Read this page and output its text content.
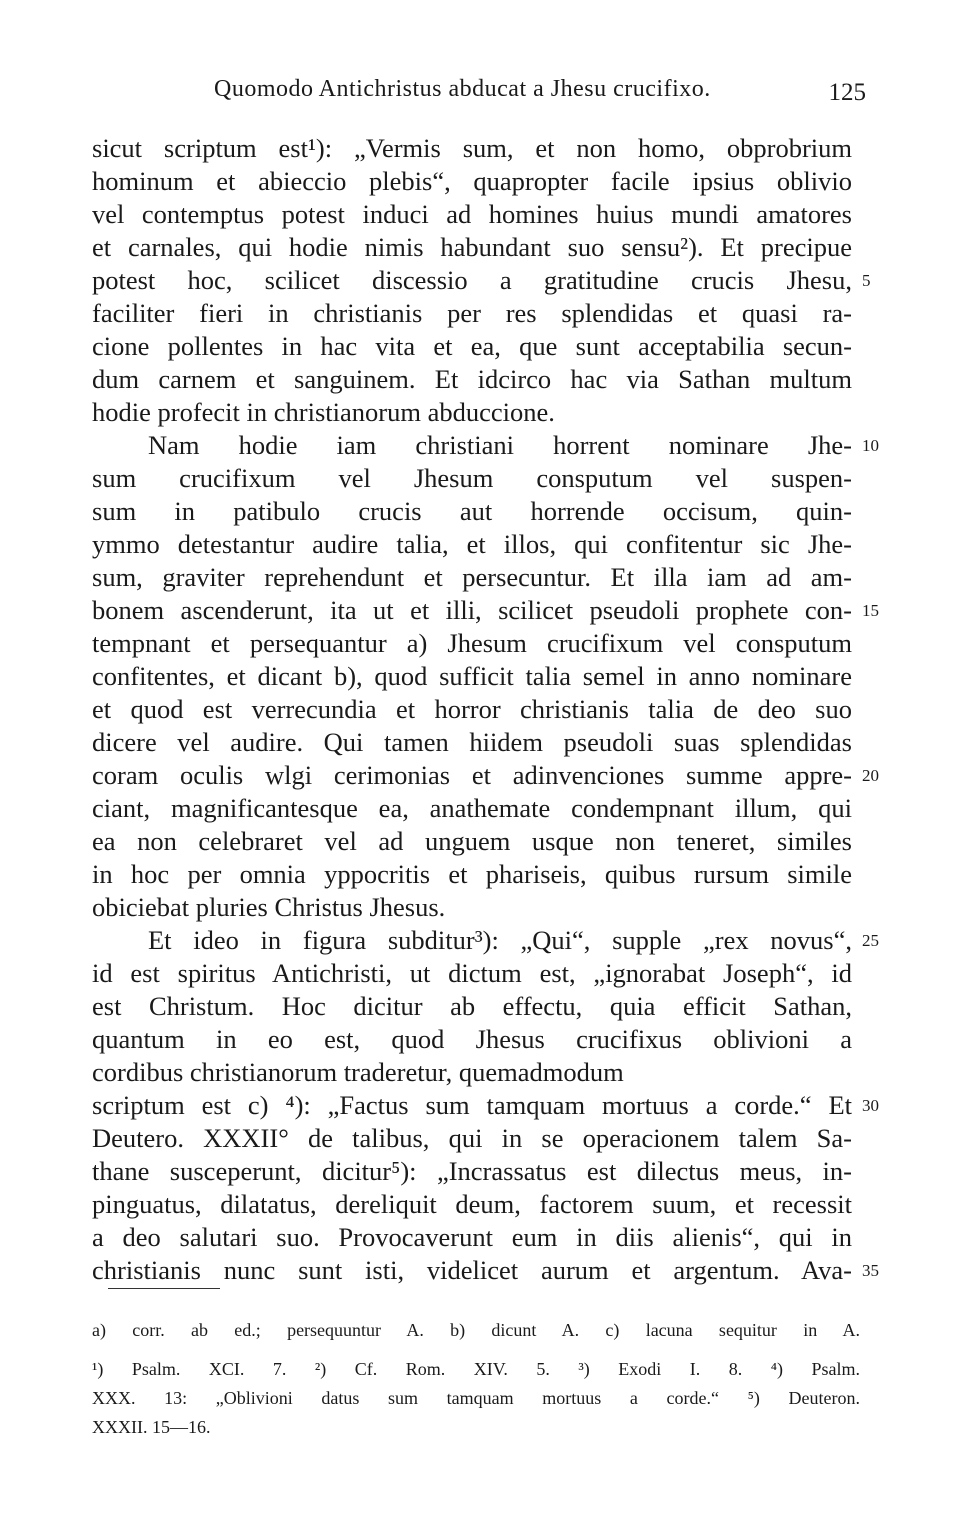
Quomodo Antichristus abducat a Jhesu crucifixo.	125
sicut scriptum est¹): „Vermis sum, et non homo, obprobrium
hominum et abieccio plebis“, quapropter facile ipsius oblivio
vel contemptus potest induci ad homines huius mundi amatores
et carnales, qui hodie nimis habundant suo sensu²). Et precipue
potest hoc, scilicet discessio a gratitudine crucis Jhesu, 5
faciliter fieri in christianis per res splendidas et quasi ra-
cione pollentes in hac vita et ea, que sunt acceptabilia secun-
dum carnem et sanguinem. Et idcirco hac via Sathan multum
hodie profecit in christianorum abduccione.
Nam hodie iam christiani horrent nominare Jhe- 10
sum crucifixum vel Jhesum consputum vel suspen-
sum in patibulo crucis aut horrende occisum, quin-
ymmo detestantur audire talia, et illos, qui confitentur sic Jhe-
sum, graviter reprehendunt et persecuntur. Et illa iam ad am-
bonem ascenderunt, ita ut et illi, scilicet pseudoli prophete con- 15
tempnant et persequantur a) Jhesum crucifixum vel consputum
confitentes, et dicant b), quod sufficit talia semel in anno nominare
et quod est verrecundia et horror christianis talia de deo suo
dicere vel audire. Qui tamen hiidem pseudoli suas splendidas
coram oculis wlgi cerimonias et adinvenciones summe appre- 20
ciant, magnificantesque ea, anathemate condempnant illum, qui
ea non celebraret vel ad unguem usque non teneret, similes
in hoc per omnia yppocritis et phariseis, quibus rursum simile
obiciebat pluries Christus Jhesus.
Et ideo in figura subditur³): „Qui“, supple „rex novus“, 25
id est spiritus Antichristi, ut dictum est, „ignorabat Joseph“, id
est Christum. Hoc dicitur ab effectu, quia efficit Sathan,
quantum in eo est, quod Jhesus crucifixus oblivioni a
cordibus christianorum traderetur, quemadmodum
scriptum est c) ⁴): „Factus sum tamquam mortuus a corde.“ Et 30
Deutero. XXXII° de talibus, qui in se operacionem talem Sa-
thane susceperunt, dicitur⁵): „Incrassatus est dilectus meus, in-
pinguatus, dilatatus, dereliquit deum, factorem suum, et recessit
a deo salutari suo. Provocaverunt eum in diis alienis“, qui in
christianis nunc sunt isti, videlicet aurum et argentum. Ava- 35
a) corr. ab ed.; persequuntur A. b) dicunt A. c) lacuna sequitur in A.
¹) Psalm. XCI. 7. ²) Cf. Rom. XIV. 5. ³) Exodi I. 8. ⁴) Psalm.
XXX. 13: „Oblivioni datus sum tamquam mortuus a corde.“ ⁵) Deuteron.
XXXII. 15—16.
